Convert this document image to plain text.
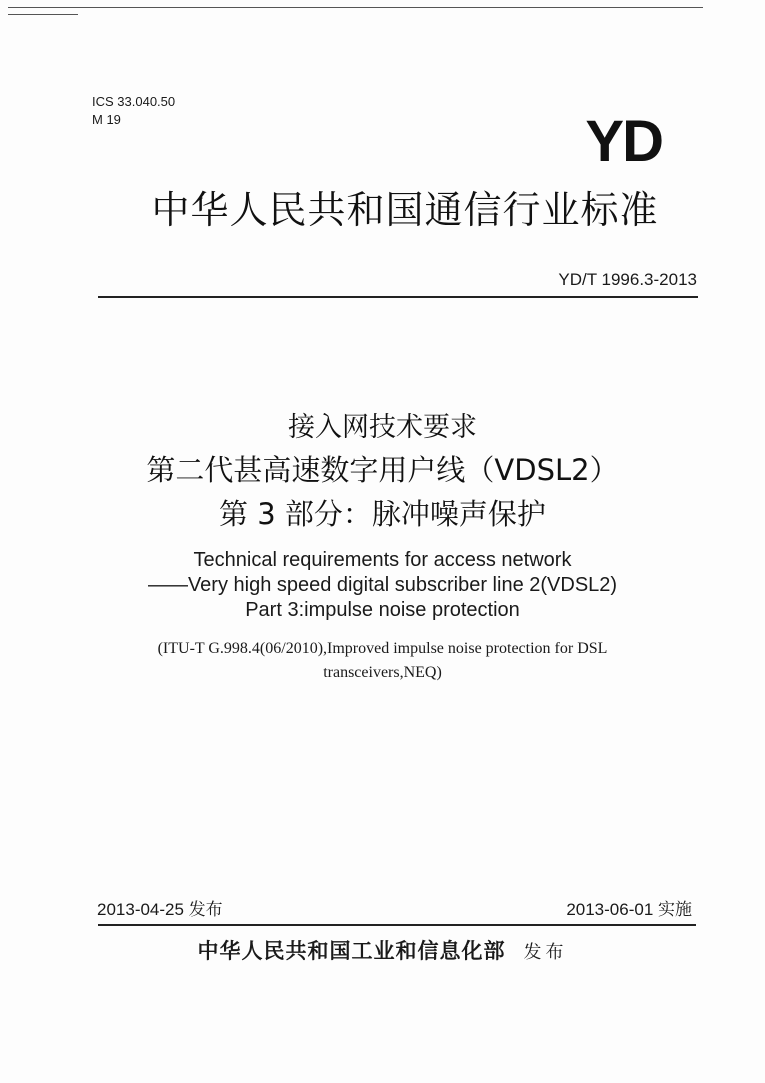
ICS 33.040.50
M 19	YD
中华人民共和国通信行业标准
YD/T 1996.3-2013
接入网技术要求
第二代甚高速数字用户线（VDSL2）
第 3 部分：脉冲噪声保护
Technical requirements for access network
——Very high speed digital subscriber line 2(VDSL2)
Part 3:impulse noise protection
(ITU-T G.998.4(06/2010),Improved impulse noise protection for DSL
transceivers,NEQ)
2013-04-25 发布	2013-06-01 实施
中华人民共和国工业和信息化部 发布
